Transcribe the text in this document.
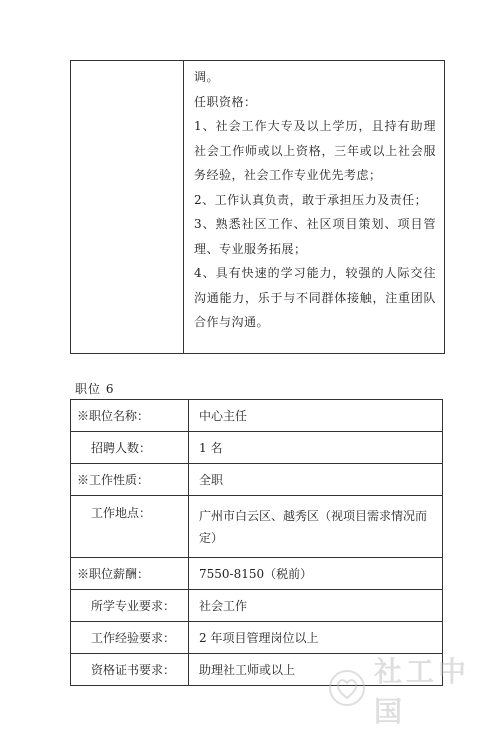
调。

任职资格：

1、社会工作大专及以上学历，且持有助理社会工作师或以上资格，三年或以上社会服务经验，社会工作专业优先考虑；

2、工作认真负责，敢于承担压力及责任；

3、熟悉社区工作、社区项目策划、项目管理、专业服务拓展；

4、具有快速的学习能力，较强的人际交往沟通能力，乐于与不同群体接触，注重团队合作与沟通。

职位 6
※职位名称：	中心主任
招聘人数：	1 名
※工作性质：	全职
工作地点：	广州市白云区、越秀区（视项目需求情况而定）
※职位薪酬：	7550-8150（税前）
所学专业要求：	社会工作
工作经验要求：	2 年项目管理岗位以上
资格证书要求：	助理社工师或以上	社工中国
